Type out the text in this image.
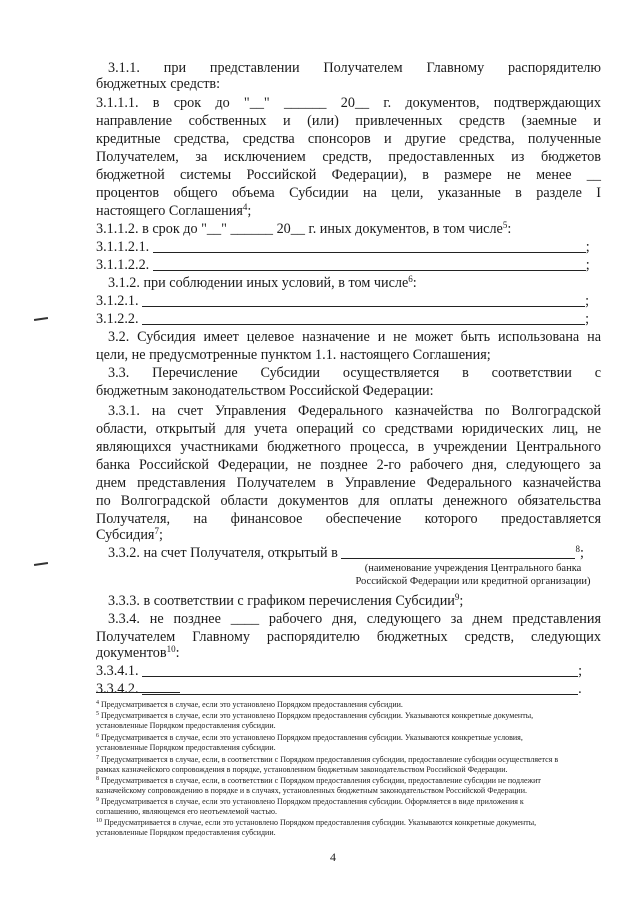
3.1.1. при представлении Получателем Главному распорядителю
бюджетных средств:
3.1.1.1. в срок до "__" ______ 20__ г. документов, подтверждающих
направление собственных и (или) привлеченных средств (заемные и
кредитные средства, средства спонсоров и другие средства, полученные
Получателем, за исключением средств, предоставленных из бюджетов
бюджетной системы Российской Федерации), в размере не менее __
процентов общего объема Субсидии на цели, указанные в разделе I
настоящего Соглашения$^4$;
3.1.1.2. в срок до "__" ______ 20__ г. иных документов, в том числе$^5$:
3.1.1.2.1.	;
3.1.1.2.2.	;
3.1.2. при соблюдении иных условий, в том числе$^6$:
3.1.2.1.	;
3.1.2.2.	;
3.2. Субсидия имеет целевое назначение и не может быть использована на
цели, не предусмотренные пунктом 1.1. настоящего Соглашения;
3.3. Перечисление Субсидии осуществляется в соответствии с
бюджетным законодательством Российской Федерации:
3.3.1. на счет Управления Федерального казначейства по Волгоградской
области, открытый для учета операций со средствами юридических лиц, не
являющихся участниками бюджетного процесса, в учреждении Центрального
банка Российской Федерации, не позднее 2-го рабочего дня, следующего за
днем представления Получателем в Управление Федерального казначейства
по Волгоградской области документов для оплаты денежного обязательства
Получателя, на финансовое обеспечение которого предоставляется
Субсидия$^7$;
3.3.2. на счет Получателя, открытый в	$^8$;
(наименование учреждения Центрального банка
Российской Федерации или кредитной организации)
3.3.3. в соответствии с графиком перечисления Субсидии$^9$;
3.3.4. не позднее ____ рабочего дня, следующего за днем представления
Получателем Главному распорядителю бюджетных средств, следующих
документов$^{10}$:
3.3.4.1.	;
3.3.4.2.	.
$^4$ Предусматривается в случае, если это установлено Порядком предоставления субсидии.
$^5$ Предусматривается в случае, если это установлено Порядком предоставления субсидии. Указываются конкретные документы,
установленные Порядком предоставления субсидии.
$^6$ Предусматривается в случае, если это установлено Порядком предоставления субсидии. Указываются конкретные условия,
установленные Порядком предоставления субсидии.
$^7$ Предусматривается в случае, если, в соответствии с Порядком предоставления субсидии, предоставление субсидии осуществляется в
рамках казначейского сопровождения в порядке, установленном бюджетным законодательством Российской Федерации.
$^8$ Предусматривается в случае, если, в соответствии с Порядком предоставления субсидии, предоставление субсидии не подлежит
казначейскому сопровождению в порядке и в случаях, установленных бюджетным законодательством Российской Федерации.
$^9$ Предусматривается в случае, если это установлено Порядком предоставления субсидии. Оформляется в виде приложения к
соглашению, являющемся его неотъемлемой частью.
$^{10}$ Предусматривается в случае, если это установлено Порядком предоставления субсидии. Указываются конкретные документы,
установленные Порядком предоставления субсидии.
4
